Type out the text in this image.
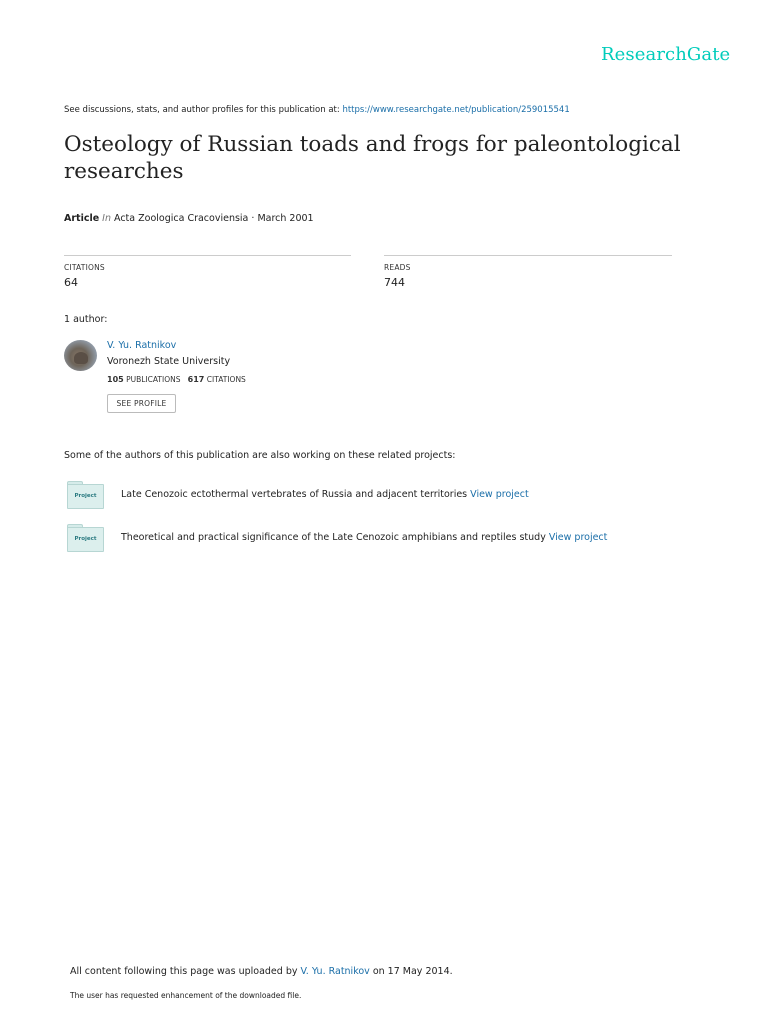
ResearchGate
See discussions, stats, and author profiles for this publication at: https://www.researchgate.net/publication/259015541
Osteology of Russian toads and frogs for paleontological researches
Article In Acta Zoologica Cracoviensia · March 2001
CITATIONS
64
READS
744
1 author:
V. Yu. Ratnikov
Voronezh State University
105 PUBLICATIONS 617 CITATIONS
SEE PROFILE
Some of the authors of this publication are also working on these related projects:
Project	Late Cenozoic ectothermal vertebrates of Russia and adjacent territories View project
Project	Theoretical and practical significance of the Late Cenozoic amphibians and reptiles study View project
All content following this page was uploaded by V. Yu. Ratnikov on 17 May 2014.
The user has requested enhancement of the downloaded file.
